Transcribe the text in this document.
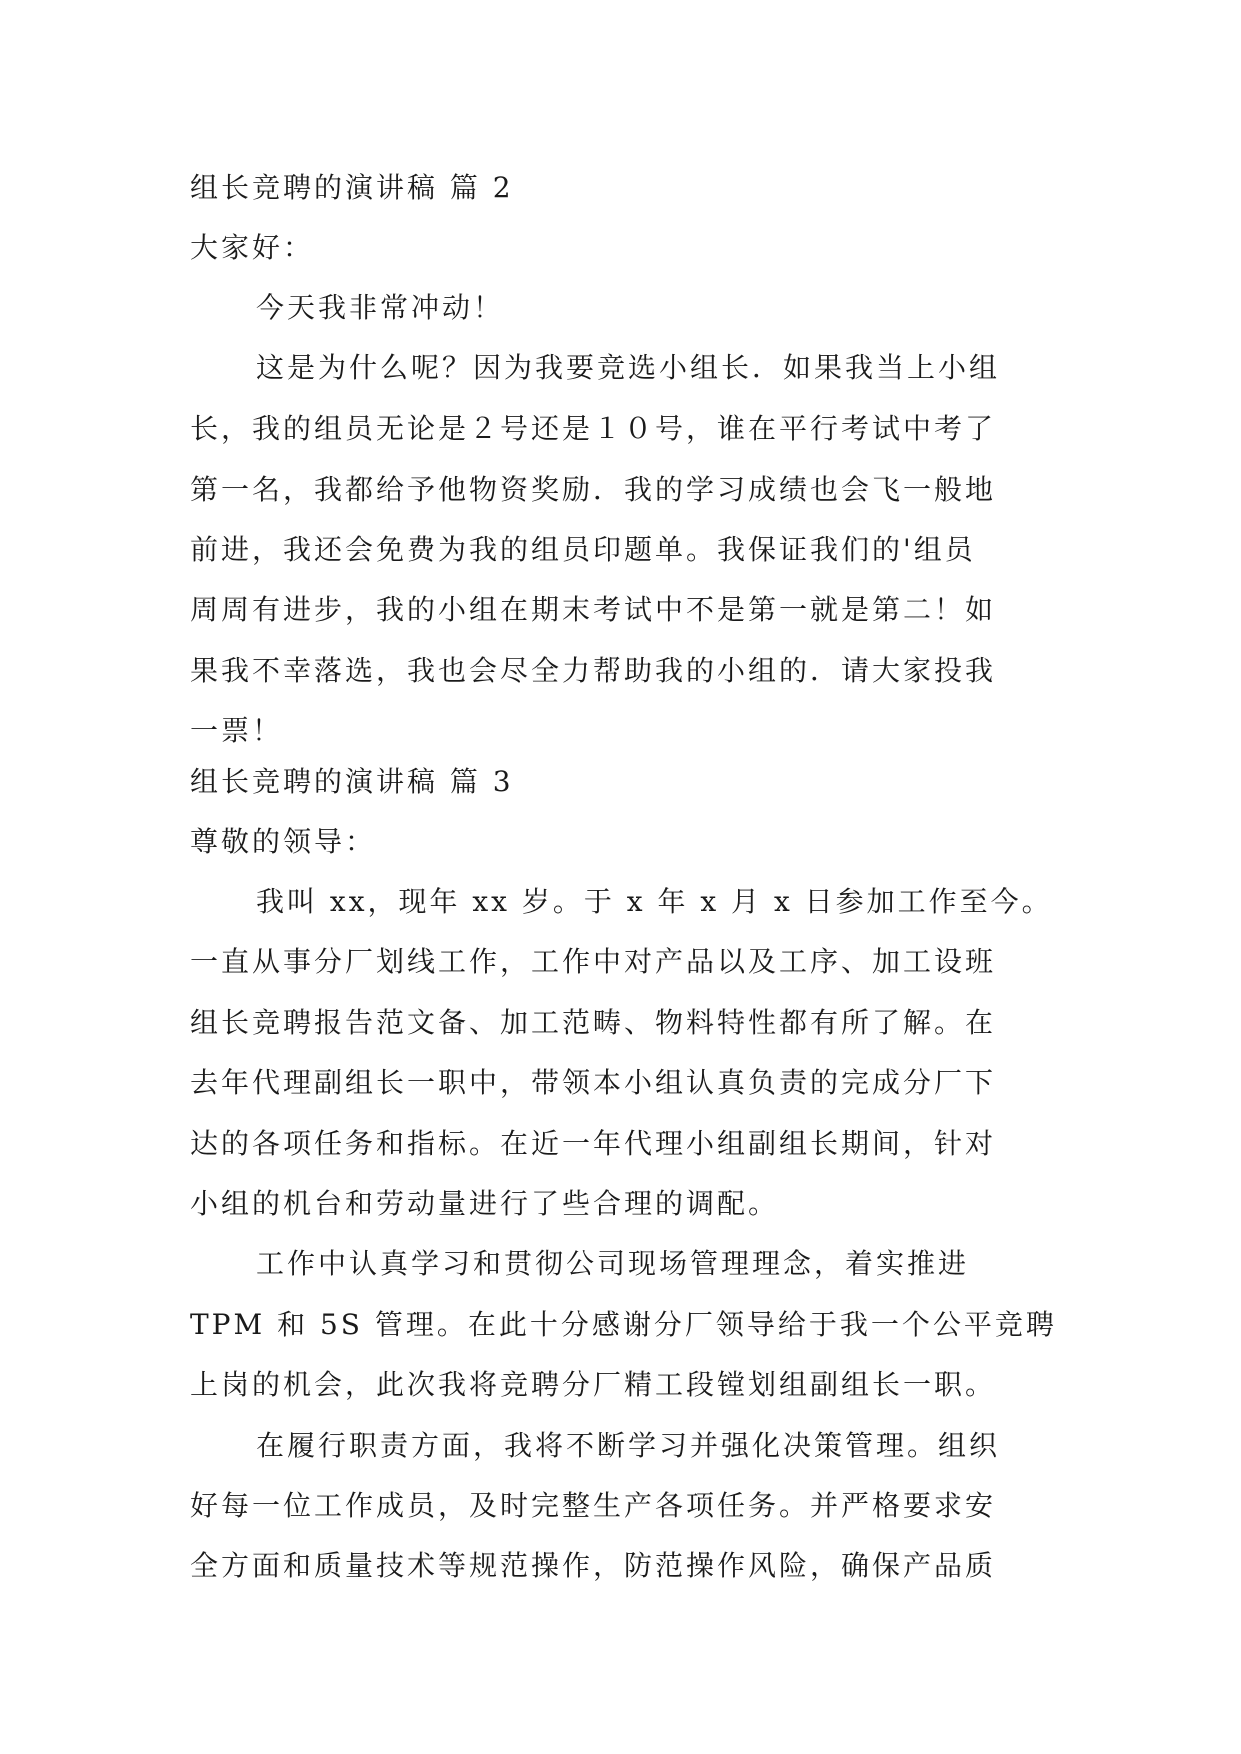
组长竞聘的演讲稿 篇 2
大家好：
今天我非常冲动！
这是为什么呢？因为我要竞选小组长．如果我当上小组
长，我的组员无论是２号还是１０号，谁在平行考试中考了
第一名，我都给予他物资奖励．我的学习成绩也会飞一般地
前进，我还会免费为我的组员印题单。我保证我们的'组员
周周有进步，我的小组在期末考试中不是第一就是第二！如
果我不幸落选，我也会尽全力帮助我的小组的．请大家投我
一票！
组长竞聘的演讲稿 篇 3
尊敬的领导：
我叫 xx，现年 xx 岁。于 x 年 x 月 x 日参加工作至今。
一直从事分厂划线工作，工作中对产品以及工序、加工设班
组长竞聘报告范文备、加工范畴、物料特性都有所了解。在
去年代理副组长一职中，带领本小组认真负责的完成分厂下
达的各项任务和指标。在近一年代理小组副组长期间，针对
小组的机台和劳动量进行了些合理的调配。
工作中认真学习和贯彻公司现场管理理念，着实推进
TPM 和 5S 管理。在此十分感谢分厂领导给于我一个公平竞聘
上岗的机会，此次我将竞聘分厂精工段镗划组副组长一职。
在履行职责方面，我将不断学习并强化决策管理。组织
好每一位工作成员，及时完整生产各项任务。并严格要求安
全方面和质量技术等规范操作，防范操作风险，确保产品质
